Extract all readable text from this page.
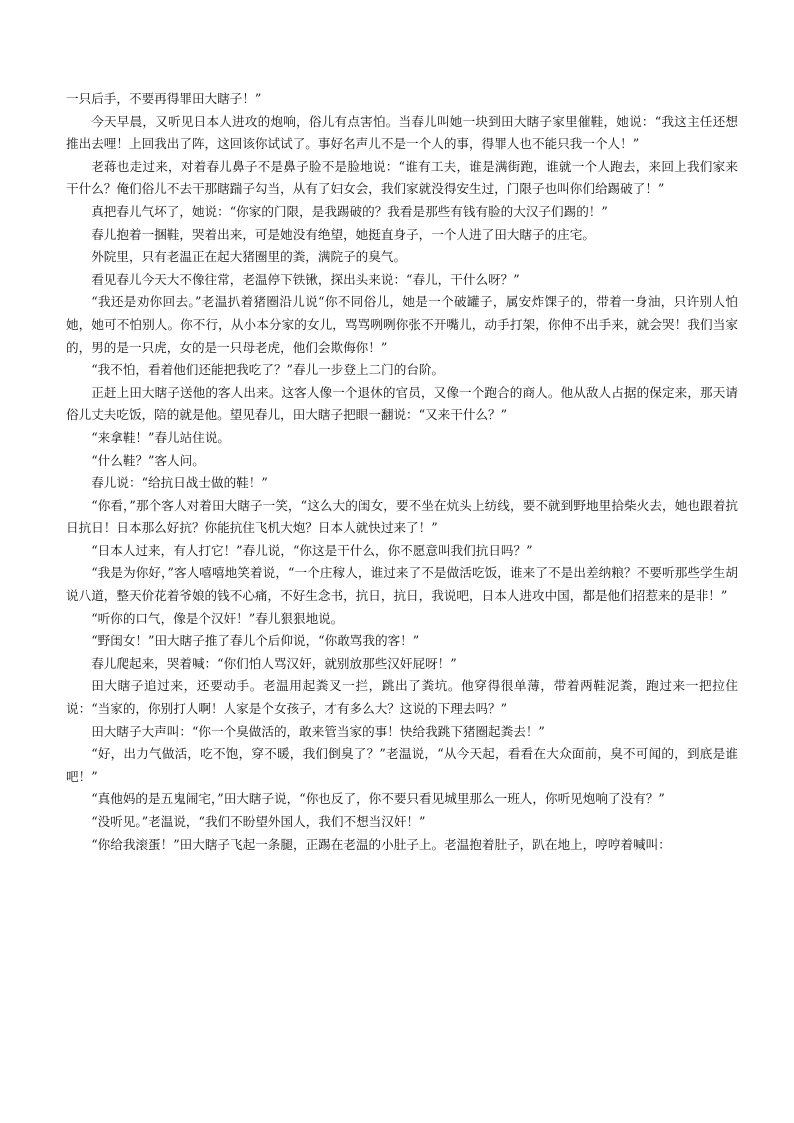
一只后手，不要再得罪田大瞎子！”

今天早晨，又听见日本人进攻的炮响，俗儿有点害怕。当春儿叫她一块到田大瞎子家里催鞋，她说：“我这主任还想推出去哩！上回我出了阵，这回该你试试了。事好名声儿不是一个人的事，得罪人也不能只我一个人！”

老蒋也走过来，对着春儿鼻子不是鼻子脸不是脸地说：“谁有工夫，谁是满街跑，谁就一个人跑去，来回上我们家来干什么？俺们俗儿不去干那瞎踹子勾当，从有了妇女会，我们家就没得安生过，门限子也叫你们给踢破了！”

真把春儿气坏了，她说：“你家的门限，是我踢破的？我看是那些有钱有脸的大汉子们踢的！”

春儿抱着一捆鞋，哭着出来，可是她没有绝望，她挺直身子，一个人进了田大瞎子的庄宅。

外院里，只有老温正在起大猪圈里的粪，满院子的臭气。

看见春儿今天大不像往常，老温停下铁锹，探出头来说：“春儿，干什么呀？”

“我还是劝你回去。”老温扒着猪圈沿儿说“你不同俗儿，她是一个破罐子，属安炸馃子的，带着一身油，只许别人怕她，她可不怕别人。你不行，从小本分家的女儿，骂骂咧咧你张不开嘴儿，动手打架，你伸不出手来，就会哭！我们当家的，男的是一只虎，女的是一只母老虎，他们会欺侮你！”

“我不怕，看着他们还能把我吃了？”春儿一步登上二门的台阶。

正赶上田大瞎子送他的客人出来。这客人像一个退休的官员，又像一个跑合的商人。他从敌人占据的保定来，那天请俗儿丈夫吃饭，陪的就是他。望见春儿，田大瞎子把眼一翻说：“又来干什么？”

“来拿鞋！”春儿站住说。

“什么鞋？”客人问。

春儿说：“给抗日战士做的鞋！”

“你看，”那个客人对着田大瞎子一笑，“这么大的闺女，要不坐在炕头上纺线，要不就到野地里拾柴火去，她也跟着抗日抗日！日本那么好抗？你能抗住飞机大炮？日本人就快过来了！”

“日本人过来，有人打它！”春儿说，“你这是干什么，你不愿意叫我们抗日吗？”

“我是为你好，”客人嘻嘻地笑着说，“一个庄稼人，谁过来了不是做活吃饭，谁来了不是出差纳粮？不要听那些学生胡说八道，整天价花着爷娘的钱不心痛，不好生念书，抗日，抗日，我说吧，日本人进攻中国，都是他们招惹来的是非！”

“听你的口气，像是个汉奸！”春儿狠狠地说。

“野闺女！”田大瞎子推了春儿个后仰说，“你敢骂我的客！”

春儿爬起来，哭着喊：“你们怕人骂汉奸，就别放那些汉奸屁呀！”

田大瞎子追过来，还要动手。老温用起粪叉一拦，跳出了粪坑。他穿得很单薄，带着两鞋泥粪，跑过来一把拉住说：“当家的，你别打人啊！人家是个女孩子，才有多么大？这说的下理去吗？”

田大瞎子大声叫：“你一个臭做活的，敢来管当家的事！快给我跳下猪圈起粪去！”

“好，出力气做活，吃不饱，穿不暖，我们倒臭了？”老温说，“从今天起，看看在大众面前，臭不可闻的，到底是谁吧！”

“真他妈的是五鬼闹宅，”田大瞎子说，“你也反了，你不要只看见城里那么一班人，你听见炮响了没有？”

“没听见。”老温说，“我们不盼望外国人，我们不想当汉奸！”

“你给我滚蛋！”田大瞎子飞起一条腿，正踢在老温的小肚子上。老温抱着肚子，趴在地上，哼哼着喊叫：
